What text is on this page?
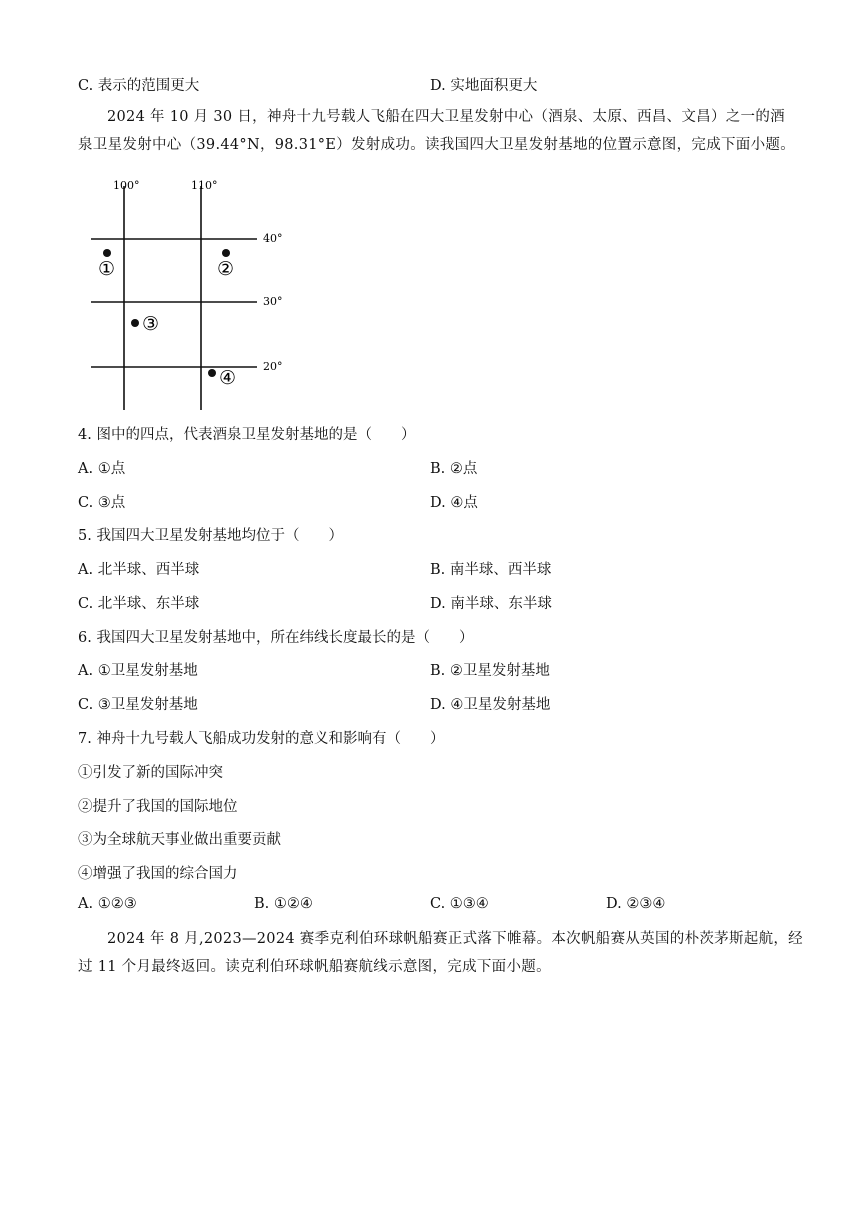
C. 表示的范围更大	D. 实地面积更大
2024 年 10 月 30 日，神舟十九号载人飞船在四大卫星发射中心（酒泉、太原、西昌、文昌）之一的酒
泉卫星发射中心（39.44°N，98.31°E）发射成功。读我国四大卫星发射基地的位置示意图，完成下面小题。
100°	110°
40°
30°
20°
①	②
③
④
4. 图中的四点，代表酒泉卫星发射基地的是（　　）
A. ①点	B. ②点
C. ③点	D. ④点
5. 我国四大卫星发射基地均位于（　　）
A. 北半球、西半球	B. 南半球、西半球
C. 北半球、东半球	D. 南半球、东半球
6. 我国四大卫星发射基地中，所在纬线长度最长的是（　　）
A. ①卫星发射基地	B. ②卫星发射基地
C. ③卫星发射基地	D. ④卫星发射基地
7. 神舟十九号载人飞船成功发射的意义和影响有（　　）
①引发了新的国际冲突
②提升了我国的国际地位
③为全球航天事业做出重要贡献
④增强了我国的综合国力
A. ①②③	B. ①②④	C. ①③④	D. ②③④
2024 年 8 月,2023—2024 赛季克利伯环球帆船赛正式落下帷幕。本次帆船赛从英国的朴茨茅斯起航，经
过 11 个月最终返回。读克利伯环球帆船赛航线示意图，完成下面小题。
